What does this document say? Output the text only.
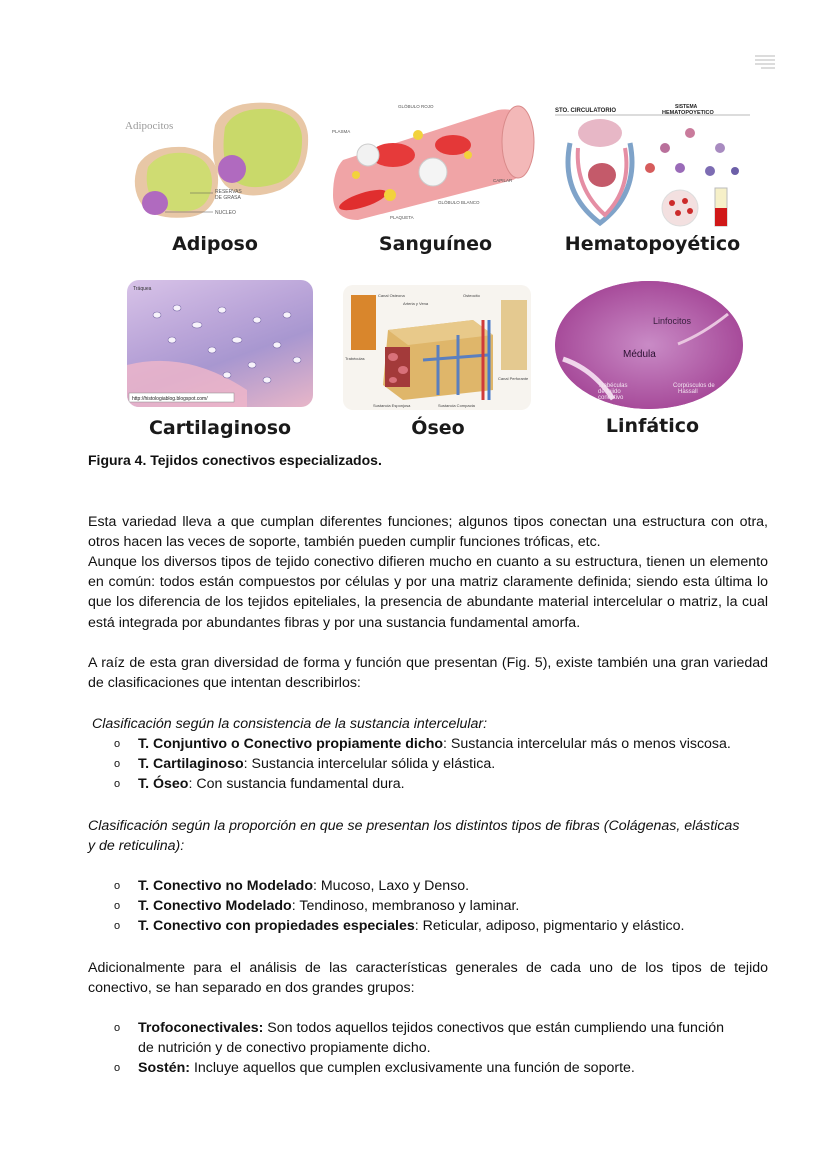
Adipocitos
RESERVAS
DE GRASA
NUCLEO
Adiposo
GLÓBULO ROJO
PLASMA
CAPILAR
GLÓBULO BLANCO
PLAQUETA
Sanguíneo
STO. CIRCULATORIO
SISTEMA
HEMATOPOYETICO
Hematopoyético
Tráquea
http://histologiablog.blogspot.com/
Cartilaginoso
Canal Osteona
Arteria y Vena
Osteocito
Trabéculas
Canal Perforante
Sustancia Esponjosa	Sustancia Compacta
Óseo
Linfocitos
Médula
Trabéculas
de tejido
conectivo
Corpúsculos de
Hassall
Linfático
Figura 4. Tejidos conectivos especializados.
Esta variedad lleva a que cumplan diferentes funciones; algunos tipos conectan una estructura con otra, otros hacen las veces de soporte, también pueden cumplir funciones tróficas, etc.
Aunque los diversos tipos de tejido conectivo difieren mucho en cuanto a su estructura, tienen un elemento en común: todos están compuestos por células y por una matriz claramente definida; siendo esta última lo que los diferencia de los tejidos epiteliales, la presencia de abundante material intercelular o matriz, la cual está integrada por abundantes fibras y por una sustancia fundamental amorfa.
A raíz de esta gran diversidad de forma y función que presentan (Fig. 5), existe también una gran variedad de clasificaciones que intentan describirlos:
Clasificación según la consistencia de la sustancia intercelular:
o T. Conjuntivo o Conectivo propiamente dicho: Sustancia intercelular más o menos viscosa.
o T. Cartilaginoso: Sustancia intercelular sólida y elástica.
o T. Óseo: Con sustancia fundamental dura.
Clasificación según la proporción en que se presentan los distintos tipos de fibras (Colágenas, elásticas y de reticulina):
o T. Conectivo no Modelado: Mucoso, Laxo y Denso.
o T. Conectivo Modelado: Tendinoso, membranoso y laminar.
o T. Conectivo con propiedades especiales: Reticular, adiposo, pigmentario y elástico.
Adicionalmente para el análisis de las características generales de cada uno de los tipos de tejido conectivo, se han separado en dos grandes grupos:
o Trofoconectivales: Son todos aquellos tejidos conectivos que están cumpliendo una función de nutrición y de conectivo propiamente dicho.
o Sostén: Incluye aquellos que cumplen exclusivamente una función de soporte.
